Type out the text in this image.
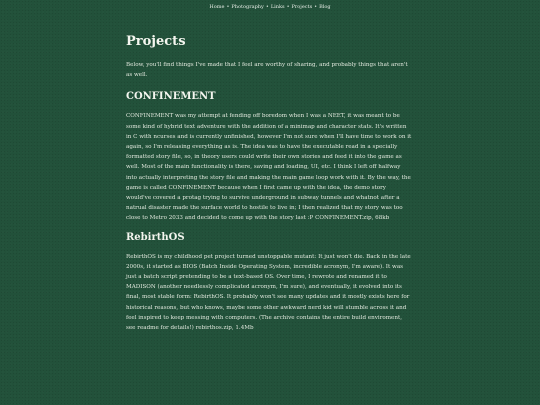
Home • Photography • Links • Projects • Blog
Projects

Below, you'll find things I've made that I feel are worthy of sharing, and probably things that aren't as well.

CONFINEMENT

CONFINEMENT was my attempt at fending off boredom when I was a NEET, it was meant to be some kind of hybrid text adventure with the addition of a minimap and character stats. It's written in C with ncurses and is currently unfinished, however I'm not sure when I'll have time to work on it again, so I'm releasing everything as is. The idea was to have the executable read in a specially formatted story file, so, in theory users could write their own stories and feed it into the game as well. Most of the main functionality is there, saving and loading, UI, etc. I think I left off halfway into actually interpreting the story file and making the main game loop work with it. By the way, the game is called CONFINEMENT because when I first came up with the idea, the demo story would've covered a protag trying to survive underground in subway tunnels and whatnot after a natrual disaster made the surface world to hostile to live in; I then realized that my story was too close to Metro 2033 and decided to come up with the story last :P CONFINEMENT.zip, 68kb

RebirthOS

RebirthOS is my childhood pet project turned unstoppable mutant: It just won't die. Back in the late 2000s, it started as BIOS (Batch Inside Operating System, incredible acronym, I'm aware). It was just a batch script pretending to be a text-based OS. Over time, I rewrote and renamed it to MADISON (another needlessly complicated acronym, I'm sure), and eventually, it evolved into its final, most stable form: RebirthOS. It probably won't see many updates and it mostly exists here for historical reasons, but who knows, maybe some other awkward nerd kid will stumble across it and feel inspired to keep messing with computers. (The archive contains the entire build enviroment, see readme for details!) rebirthos.zip, 1.4Mb
